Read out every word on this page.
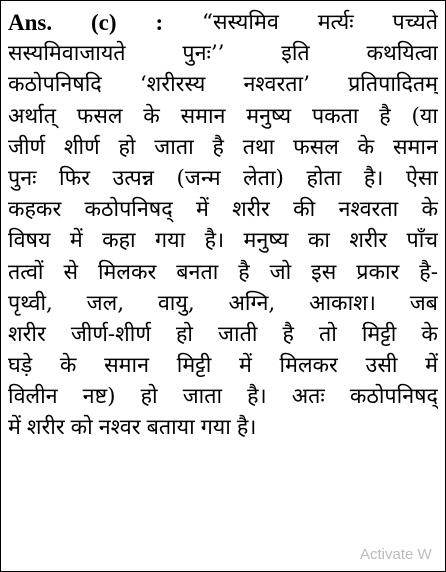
Ans. (c) : “सस्यमिव मर्त्यः पच्यते
सस्यमिवाजायते	पुनः’’	इति	कथयित्वा
कठोपनिषदि ‘शरीरस्य नश्वरता’ प्रतिपादितम्
अर्थात् फसल के समान मनुष्य पकता है (या
जीर्ण शीर्ण हो जाता है तथा फसल के समान
पुनः फिर उत्पन्न (जन्म लेता) होता है। ऐसा
कहकर कठोपनिषद् में शरीर की नश्वरता के
विषय में कहा गया है। मनुष्य का शरीर पाँच
तत्वों से मिलकर बनता है जो इस प्रकार है-
पृथ्वी, जल, वायु, अग्नि, आकाश। जब
शरीर जीर्ण-शीर्ण हो जाती है तो मिट्टी के
घड़े के समान मिट्टी में मिलकर उसी में
विलीन नष्ट) हो जाता है। अतः कठोपनिषद्
में शरीर को नश्वर बताया गया है।
Activate W
